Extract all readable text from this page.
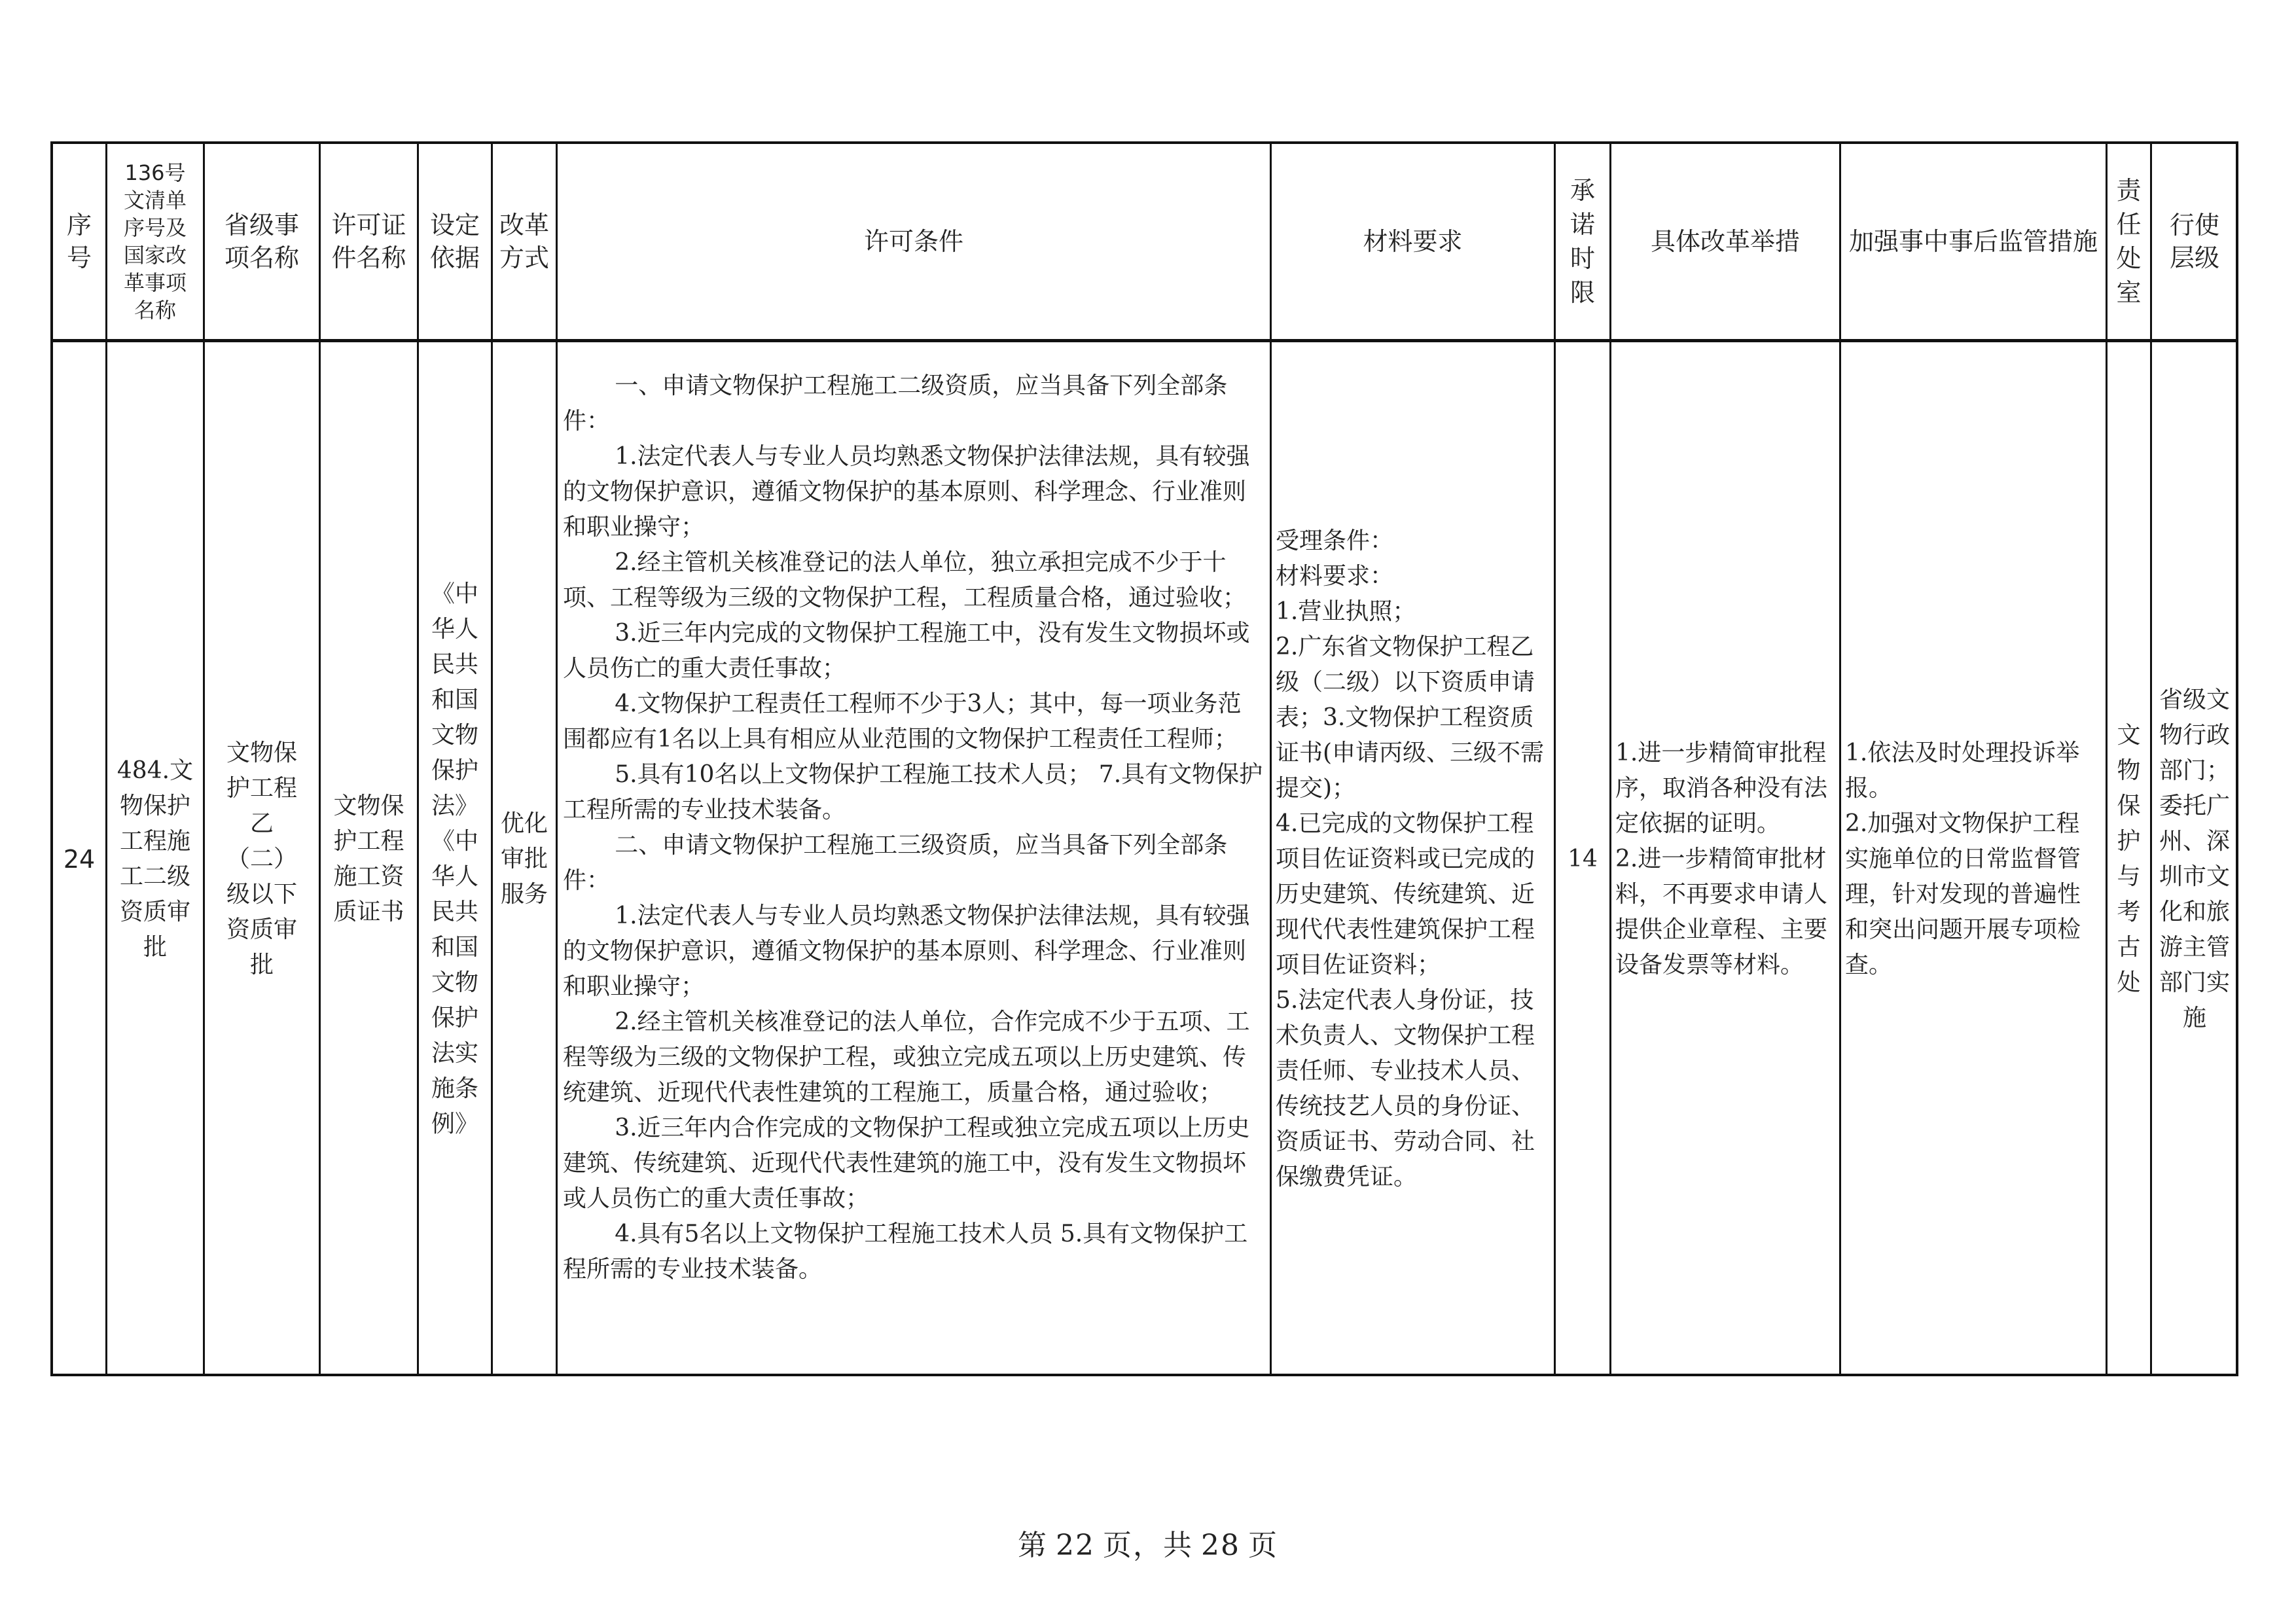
序号
136号文清单序号及国家改革事项名称
省级事项名称
许可证件名称
设定依据
改革方式
许可条件	材料要求
承诺时限
具体改革举措 加强事中事后监管措施
责任处室
行使层级
24
484.文物保护工程施工二级资质审批
文物保护工程乙（二）级以下资质审批
文物保护工程施工资质证书
《中华人民共和国文物保护法》《中华人民共和国文物保护法实施条例》
优化审批服务

一、申请文物保护工程施工二级资质，应当具备下列全部条件：

1.法定代表人与专业人员均熟悉文物保护法律法规，具有较强的文物保护意识，遵循文物保护的基本原则、科学理念、行业准则和职业操守；

2.经主管机关核准登记的法人单位，独立承担完成不少于十项、工程等级为三级的文物保护工程，工程质量合格，通过验收；

3.近三年内完成的文物保护工程施工中，没有发生文物损坏或人员伤亡的重大责任事故；

4.文物保护工程责任工程师不少于3人；其中，每一项业务范围都应有1名以上具有相应从业范围的文物保护工程责任工程师；

5.具有10名以上文物保护工程施工技术人员； 7.具有文物保护工程所需的专业技术装备。

二、申请文物保护工程施工三级资质，应当具备下列全部条件：

1.法定代表人与专业人员均熟悉文物保护法律法规，具有较强的文物保护意识，遵循文物保护的基本原则、科学理念、行业准则和职业操守；

2.经主管机关核准登记的法人单位，合作完成不少于五项、工程等级为三级的文物保护工程，或独立完成五项以上历史建筑、传统建筑、近现代代表性建筑的工程施工，质量合格，通过验收；

3.近三年内合作完成的文物保护工程或独立完成五项以上历史建筑、传统建筑、近现代代表性建筑的施工中，没有发生文物损坏或人员伤亡的重大责任事故；

4.具有5名以上文物保护工程施工技术人员 5.具有文物保护工程所需的专业技术装备。

受理条件：

材料要求：

1.营业执照；

2.广东省文物保护工程乙级（二级）以下资质申请表；3.文物保护工程资质证书(申请丙级、三级不需提交)；

4.已完成的文物保护工程项目佐证资料或已完成的历史建筑、传统建筑、近现代代表性建筑保护工程项目佐证资料；

5.法定代表人身份证，技术负责人、文物保护工程责任师、专业技术人员、传统技艺人员的身份证、资质证书、劳动合同、社保缴费凭证。

14

1.进一步精简审批程序，取消各种没有法定依据的证明。

2.进一步精简审批材料，不再要求申请人提供企业章程、主要设备发票等材料。

1.依法及时处理投诉举报。

2.加强对文物保护工程实施单位的日常监督管理，针对发现的普遍性和突出问题开展专项检查。

文物保护与考古处
省级文物行政部门；委托广州、深圳市文化和旅游主管部门实施
第 22 页，共 28 页
